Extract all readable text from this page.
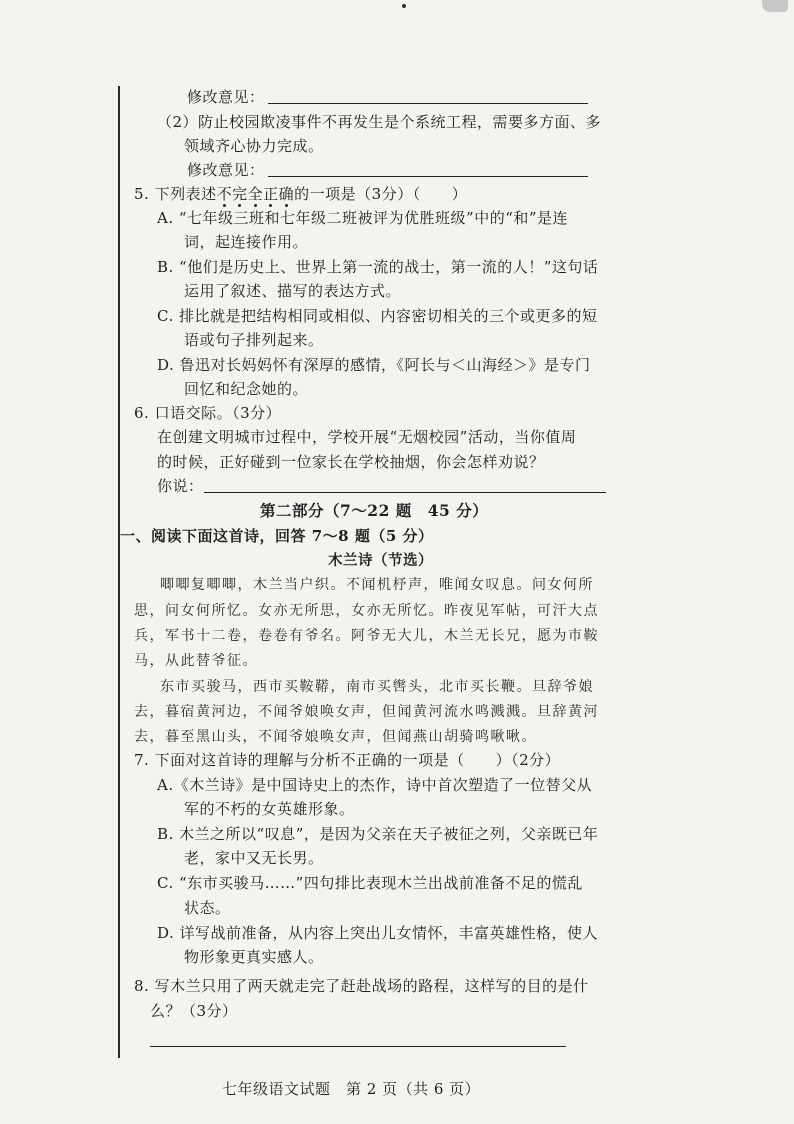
修改意见：

（2）防止校园欺凌事件不再发生是个系统工程，需要多方面、多

领域齐心协力完成。

修改意见：

5. 下列表述不完全正确的一项是（3分）（　　）

A. “七年级三班和七年级二班被评为优胜班级”中的“和”是连

词，起连接作用。

B. “他们是历史上、世界上第一流的战士，第一流的人！”这句话

运用了叙述、描写的表达方式。

C. 排比就是把结构相同或相似、内容密切相关的三个或更多的短

语或句子排列起来。

D. 鲁迅对长妈妈怀有深厚的感情，《阿长与＜山海经＞》是专门

回忆和纪念她的。

6. 口语交际。（3分）

在创建文明城市过程中，学校开展“无烟校园”活动，当你值周

的时候，正好碰到一位家长在学校抽烟，你会怎样劝说？

你说：

第二部分（7～22 题　45 分）

一、阅读下面这首诗，回答 7～8 题（5 分）

木兰诗（节选）

唧唧复唧唧，木兰当户织。不闻机杼声，唯闻女叹息。问女何所

思，问女何所忆。女亦无所思，女亦无所忆。昨夜见军帖，可汗大点

兵，军书十二卷，卷卷有爷名。阿爷无大儿，木兰无长兄，愿为市鞍

马，从此替爷征。

东市买骏马，西市买鞍鞯，南市买辔头，北市买长鞭。旦辞爷娘

去，暮宿黄河边，不闻爷娘唤女声，但闻黄河流水鸣溅溅。旦辞黄河

去，暮至黑山头，不闻爷娘唤女声，但闻燕山胡骑鸣啾啾。

7. 下面对这首诗的理解与分析不正确的一项是（　　）（2分）

A.《木兰诗》是中国诗史上的杰作，诗中首次塑造了一位替父从

军的不朽的女英雄形象。

B. 木兰之所以“叹息”，是因为父亲在天子被征之列，父亲既已年

老，家中又无长男。

C. “东市买骏马……”四句排比表现木兰出战前准备不足的慌乱

状态。

D. 详写战前准备，从内容上突出儿女情怀，丰富英雄性格，使人

物形象更真实感人。

8. 写木兰只用了两天就走完了赶赴战场的路程，这样写的目的是什

么？（3分）

七年级语文试题　第 2 页（共 6 页）
